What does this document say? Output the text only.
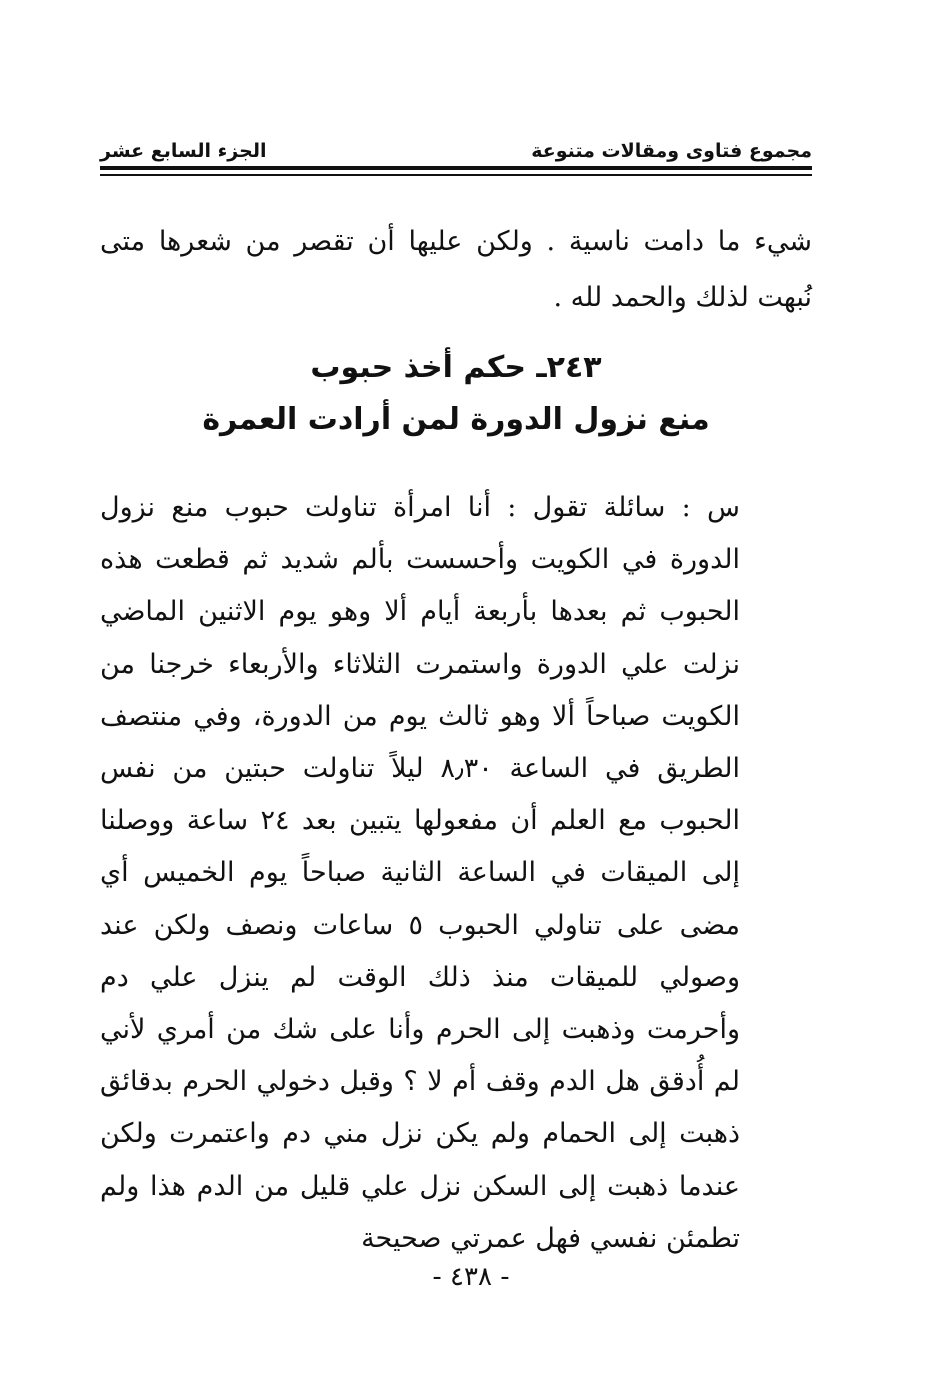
مجموع فتاوى ومقالات متنوعة
الجزء السابع عشر
شيء ما دامت ناسية . ولكن عليها أن تقصر من شعرها متى نُبهت لذلك والحمد لله .
٢٤٣ـ حكم أخذ حبوب
منع نزول الدورة لمن أرادت العمرة
س : سائلة تقول : أنا امرأة تناولت حبوب منع نزول الدورة في الكويت وأحسست بألم شديد ثم قطعت هذه الحبوب ثم بعدها بأربعة أيام ألا وهو يوم الاثنين الماضي نزلت علي الدورة واستمرت الثلاثاء والأربعاء خرجنا من الكويت صباحاً ألا وهو ثالث يوم من الدورة، وفي منتصف الطريق في الساعة ٨٫٣٠ ليلاً تناولت حبتين من نفس الحبوب مع العلم أن مفعولها يتبين بعد ٢٤ ساعة ووصلنا إلى الميقات في الساعة الثانية صباحاً يوم الخميس أي مضى على تناولي الحبوب ٥ ساعات ونصف ولكن عند وصولي للميقات منذ ذلك الوقت لم ينزل علي دم وأحرمت وذهبت إلى الحرم وأنا على شك من أمري لأني لم أُدقق هل الدم وقف أم لا ؟ وقبل دخولي الحرم بدقائق ذهبت إلى الحمام ولم يكن نزل مني دم واعتمرت ولكن عندما ذهبت إلى السكن نزل علي قليل من الدم هذا ولم تطمئن نفسي فهل عمرتي صحيحة
- ٤٣٨ -
